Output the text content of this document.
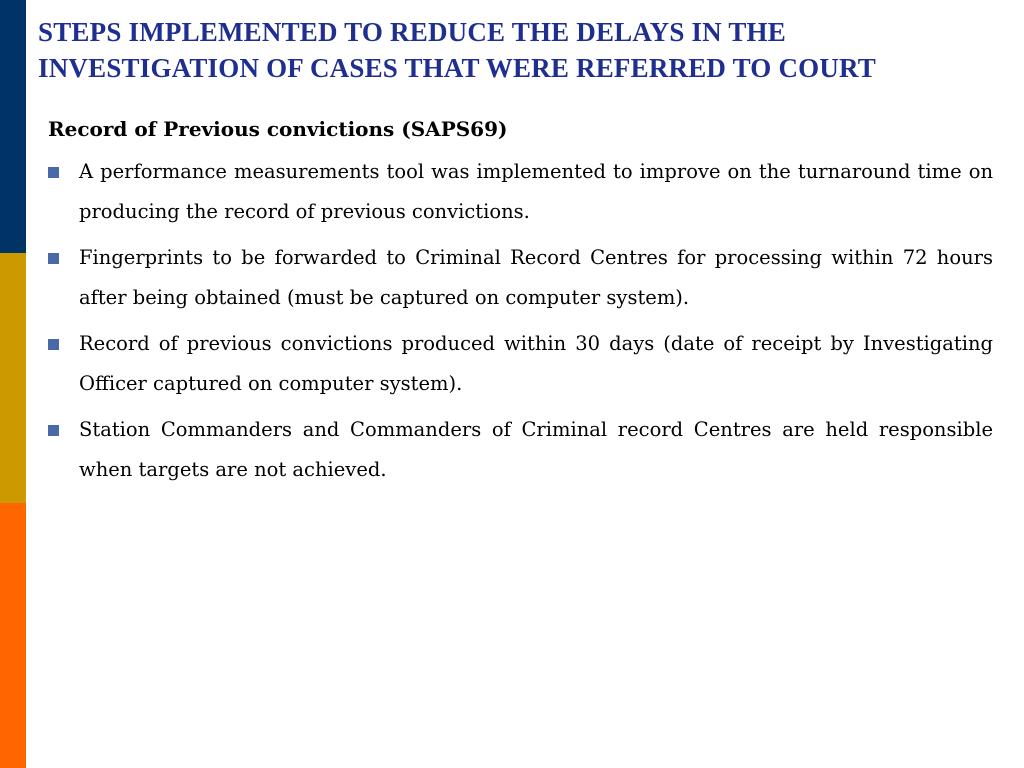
STEPS IMPLEMENTED TO REDUCE THE DELAYS IN THE
INVESTIGATION OF CASES THAT WERE REFERRED TO COURT
Record of Previous convictions (SAPS69)
A performance measurements tool was implemented to improve on the turnaround time on producing the record of previous convictions.
Fingerprints to be forwarded to Criminal Record Centres for processing within 72 hours after being obtained (must be captured on computer system).
Record of previous convictions produced within 30 days (date of receipt by Investigating Officer captured on computer system).
Station Commanders and Commanders of Criminal record Centres are held responsible when targets are not achieved.
